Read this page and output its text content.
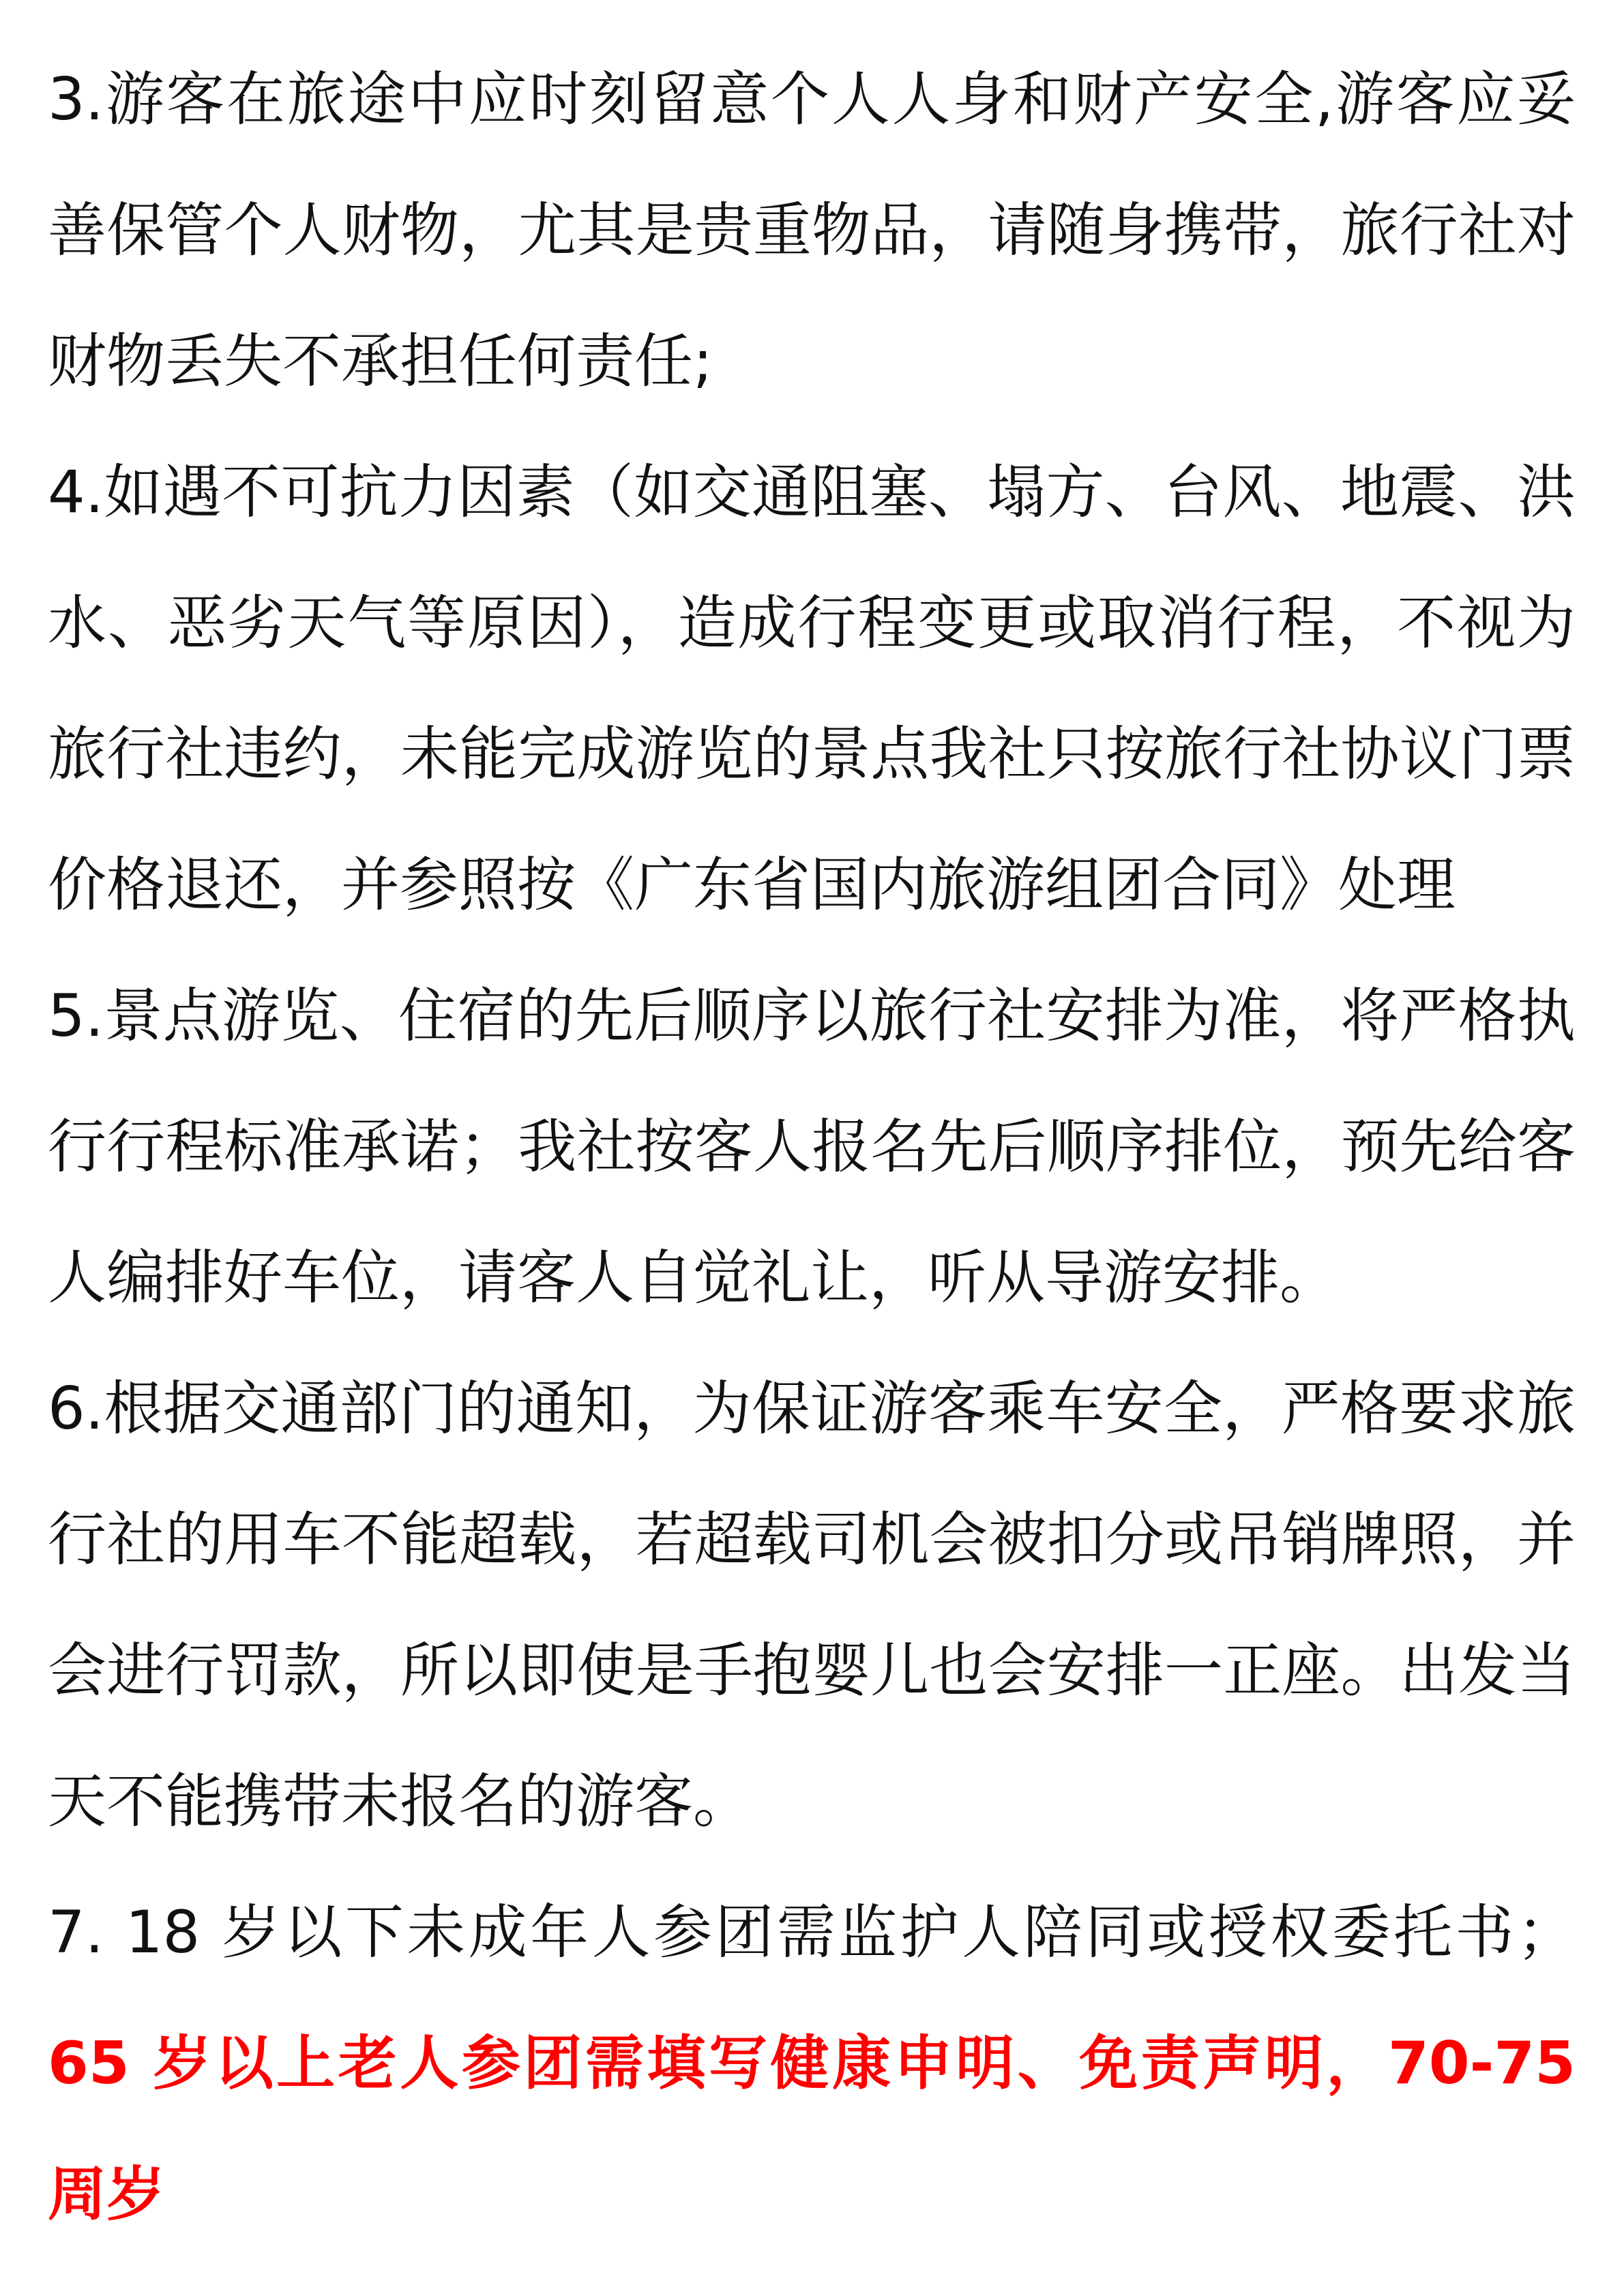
3.游客在旅途中应时刻留意个人人身和财产安全,游客应妥善保管个人财物，尤其是贵重物品，请随身携带，旅行社对财物丢失不承担任何责任;

4.如遇不可抗力因素（如交通阻塞、塌方、台风、地震、洪水、恶劣天气等原因），造成行程变更或取消行程，不视为旅行社违约，未能完成游览的景点我社只按旅行社协议门票价格退还，并参照按《广东省国内旅游组团合同》处理

5.景点游览、住宿的先后顺序以旅行社安排为准，将严格执行行程标准承诺；我社按客人报名先后顺序排位，预先给客人编排好车位，请客人自觉礼让，听从导游安排。

6.根据交通部门的通知，为保证游客乘车安全，严格要求旅行社的用车不能超载，若超载司机会被扣分或吊销牌照，并会进行罚款，所以即使是手抱婴儿也会安排一正座。出发当天不能携带未报名的游客。

7. 18 岁以下未成年人参团需监护人陪同或授权委托书；65 岁以上老人参团需填写健康申明、免责声明，70-75 周岁
